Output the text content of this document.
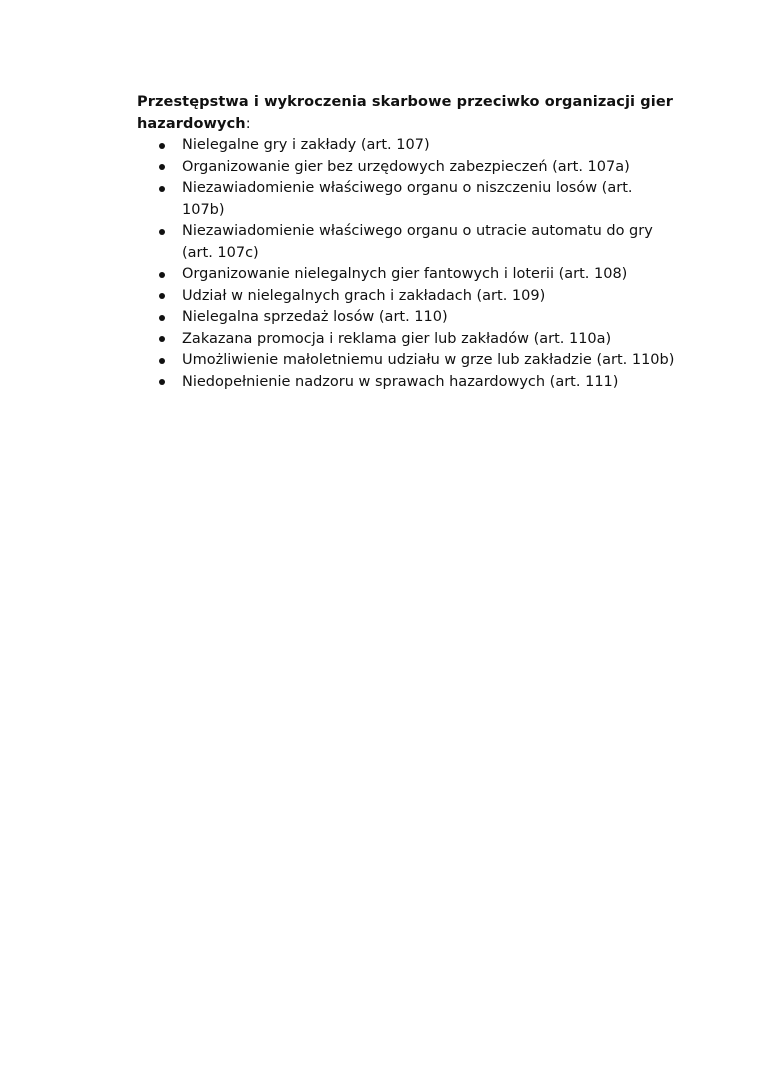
Przestępstwa i wykroczenia skarbowe przeciwko organizacji gier hazardowych:

Nielegalne gry i zakłady (art. 107)
Organizowanie gier bez urzędowych zabezpieczeń (art. 107a)
Niezawiadomienie właściwego organu o niszczeniu losów (art. 107b)
Niezawiadomienie właściwego organu o utracie automatu do gry (art. 107c)
Organizowanie nielegalnych gier fantowych i loterii (art. 108)
Udział w nielegalnych grach i zakładach (art. 109)
Nielegalna sprzedaż losów (art. 110)
Zakazana promocja i reklama gier lub zakładów (art. 110a)
Umożliwienie małoletniemu udziału w grze lub zakładzie (art. 110b)
Niedopełnienie nadzoru w sprawach hazardowych (art. 111)
